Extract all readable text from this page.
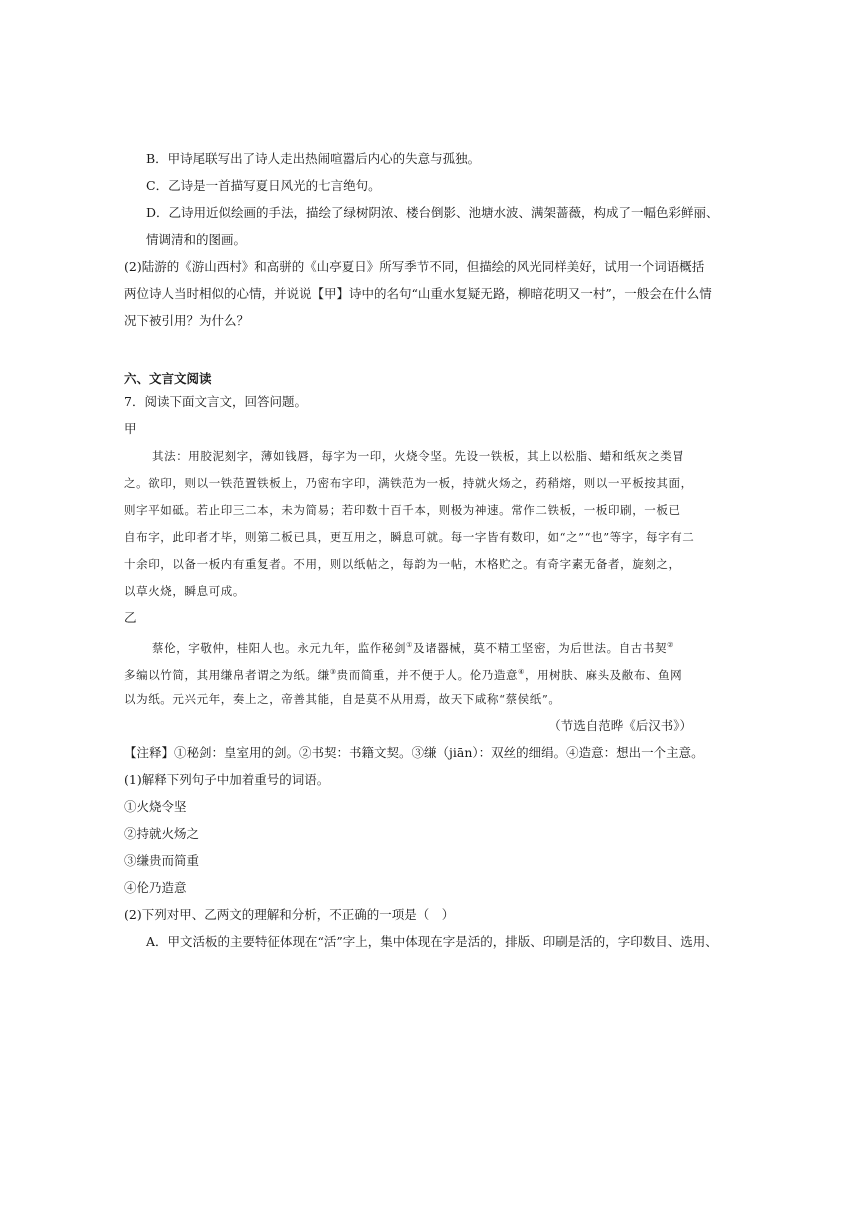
B．甲诗尾联写出了诗人走出热闹喧嚣后内心的失意与孤独。
C．乙诗是一首描写夏日风光的七言绝句。
D．乙诗用近似绘画的手法，描绘了绿树阴浓、楼台倒影、池塘水波、满架蔷薇，构成了一幅色彩鲜丽、
情调清和的图画。
(2)陆游的《游山西村》和高骈的《山亭夏日》所写季节不同，但描绘的风光同样美好，试用一个词语概括
两位诗人当时相似的心情，并说说【甲】诗中的名句“山重水复疑无路，柳暗花明又一村”，一般会在什么情
况下被引用？为什么？
六、文言文阅读
7．阅读下面文言文，回答问题。
甲
其法：用胶泥刻字，薄如钱唇，每字为一印，火烧令坚。先设一铁板，其上以松脂、蜡和纸灰之类冒
之。欲印，则以一铁范置铁板上，乃密布字印，满铁范为一板，持就火炀之，药稍熔，则以一平板按其面，
则字平如砥。若止印三二本，未为简易；若印数十百千本，则极为神速。常作二铁板，一板印刷，一板已
自布字，此印者才毕，则第二板已具，更互用之，瞬息可就。每一字皆有数印，如“之”“也”等字，每字有二
十余印，以备一板内有重复者。不用，则以纸帖之，每韵为一帖，木格贮之。有奇字素无备者，旋刻之，
以草火烧，瞬息可成。
乙
蔡伦，字敬仲，桂阳人也。永元九年，监作秘剑①及诸器械，莫不精工坚密，为后世法。自古书契②
多编以竹简，其用缣帛者谓之为纸。缣③贵而简重，并不便于人。伦乃造意④，用树肤、麻头及敝布、鱼网
以为纸。元兴元年，奏上之，帝善其能，自是莫不从用焉，故天下咸称“蔡侯纸”。
（节选自范晔《后汉书》）
【注释】①秘剑：皇室用的剑。②书契：书籍文契。③缣（jiān）：双丝的细绢。④造意：想出一个主意。
(1)解释下列句子中加着重号的词语。
①火烧令坚
②持就火炀之
③缣贵而简重
④伦乃造意
(2)下列对甲、乙两文的理解和分析，不正确的一项是（　）
A．甲文活板的主要特征体现在“活”字上，集中体现在字是活的，排版、印刷是活的，字印数目、选用、
